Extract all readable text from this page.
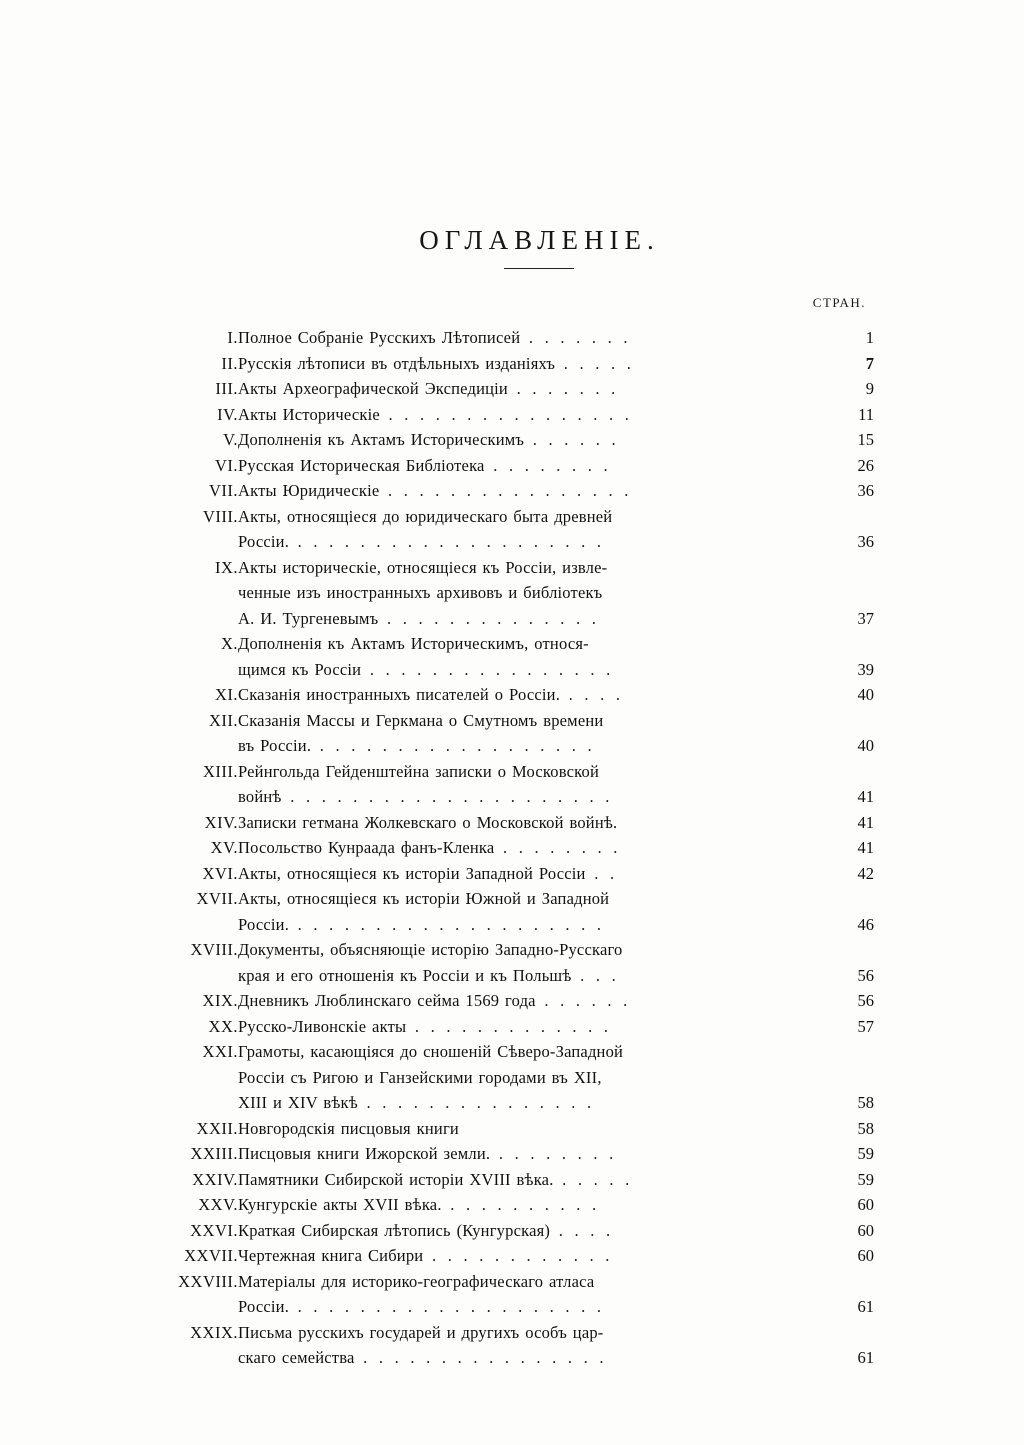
ОГЛАВЛЕНІЕ.
СТРАН.
I.	Полное Собраніе Русскихъ Лѣтописей . . . . . . .	1
II.	Русскія лѣтописи въ отдѣльныхъ изданіяхъ . . . . .	7
III.	Акты Археографической Экспедиціи . . . . . . .	9
IV.	Акты Историческіе . . . . . . . . . . . . . . . .	11
V.	Дополненія къ Актамъ Историческимъ . . . . . .	15
VI.	Русская Историческая Библіотека . . . . . . . .	26
VII.	Акты Юридическіе . . . . . . . . . . . . . . . .	36
VIII.	Акты, относящіеся до юридическаго быта древней	
	Россіи. . . . . . . . . . . . . . . . . . . . .	36
IX.	Акты историческіе, относящіеся къ Россіи, извле-	
	ченные изъ иностранныхъ архивовъ и библіотекъ	
	А. И. Тургеневымъ . . . . . . . . . . . . . .	37
X.	Дополненія къ Актамъ Историческимъ, относя-	
	щимся къ Россіи . . . . . . . . . . . . . . . .	39
XI.	Сказанія иностранныхъ писателей о Россіи. . . . .	40
XII.	Сказанія Массы и Геркмана о Смутномъ времени	
	въ Россіи. . . . . . . . . . . . . . . . . . .	40
XIII.	Рейнгольда Гейденштейна записки о Московской	
	войнѣ . . . . . . . . . . . . . . . . . . . . .	41
XIV.	Записки гетмана Жолкевскаго о Московской войнѣ.	41
XV.	Посольство Кунраада фанъ-Кленка . . . . . . . .	41
XVI.	Акты, относящіеся къ исторіи Западной Россіи . .	42
XVII.	Акты, относящіеся къ исторіи Южной и Западной	
	Россіи. . . . . . . . . . . . . . . . . . . . .	46
XVIII.	Документы, объясняющіе исторію Западно-Русскаго	
	края и его отношенія къ Россіи и къ Польшѣ . . .	56
XIX.	Дневникъ Люблинскаго сейма 1569 года . . . . . .	56
XX.	Русско-Ливонскіе акты . . . . . . . . . . . . .	57
XXI.	Грамоты, касающіяся до сношеній Сѣверо-Западной	
	Россіи съ Ригою и Ганзейскими городами въ XII,	
	XIII и XIV вѣкѣ . . . . . . . . . . . . . . .	58
XXII.	Новгородскія писцовыя книги	58
XXIII.	Писцовыя книги Ижорской земли. . . . . . . . .	59
XXIV.	Памятники Сибирской исторіи XVIII вѣка. . . . . .	59
XXV.	Кунгурскіе акты XVII вѣка. . . . . . . . . . .	60
XXVI.	Краткая Сибирская лѣтопись (Кунгурская) . . . .	60
XXVII.	Чертежная книга Сибири . . . . . . . . . . . .	60
XXVIII.	Матеріалы для историко-географическаго атласа	
	Россіи. . . . . . . . . . . . . . . . . . . . .	61
XXIX.	Письма русскихъ государей и другихъ особъ цар-	
	скаго семейства . . . . . . . . . . . . . . . .	61
